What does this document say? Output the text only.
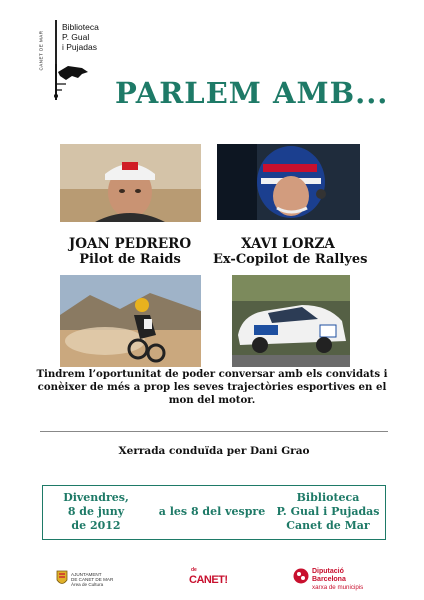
CANET DE MAR
Biblioteca
P. Gual
i Pujadas
PARLEM AMB...
JOAN PEDRERO
Pilot de Raids
XAVI LORZA
Ex-Copilot de Rallyes
Tindrem l’oportunitat de poder conversar amb els convidats i conèixer de més a prop les seves trajectòries esportives en el mon del motor.
Xerrada conduïda per Dani Grao
Divendres,
8 de juny
de 2012
a les 8 del vespre
Biblioteca
P. Gual i Pujadas
Canet de Mar
AJUNTAMENT
DE CANET DE MAR
Àrea de Cultura
de
CANET!
Diputació
Barcelona
xarxa de municipis
